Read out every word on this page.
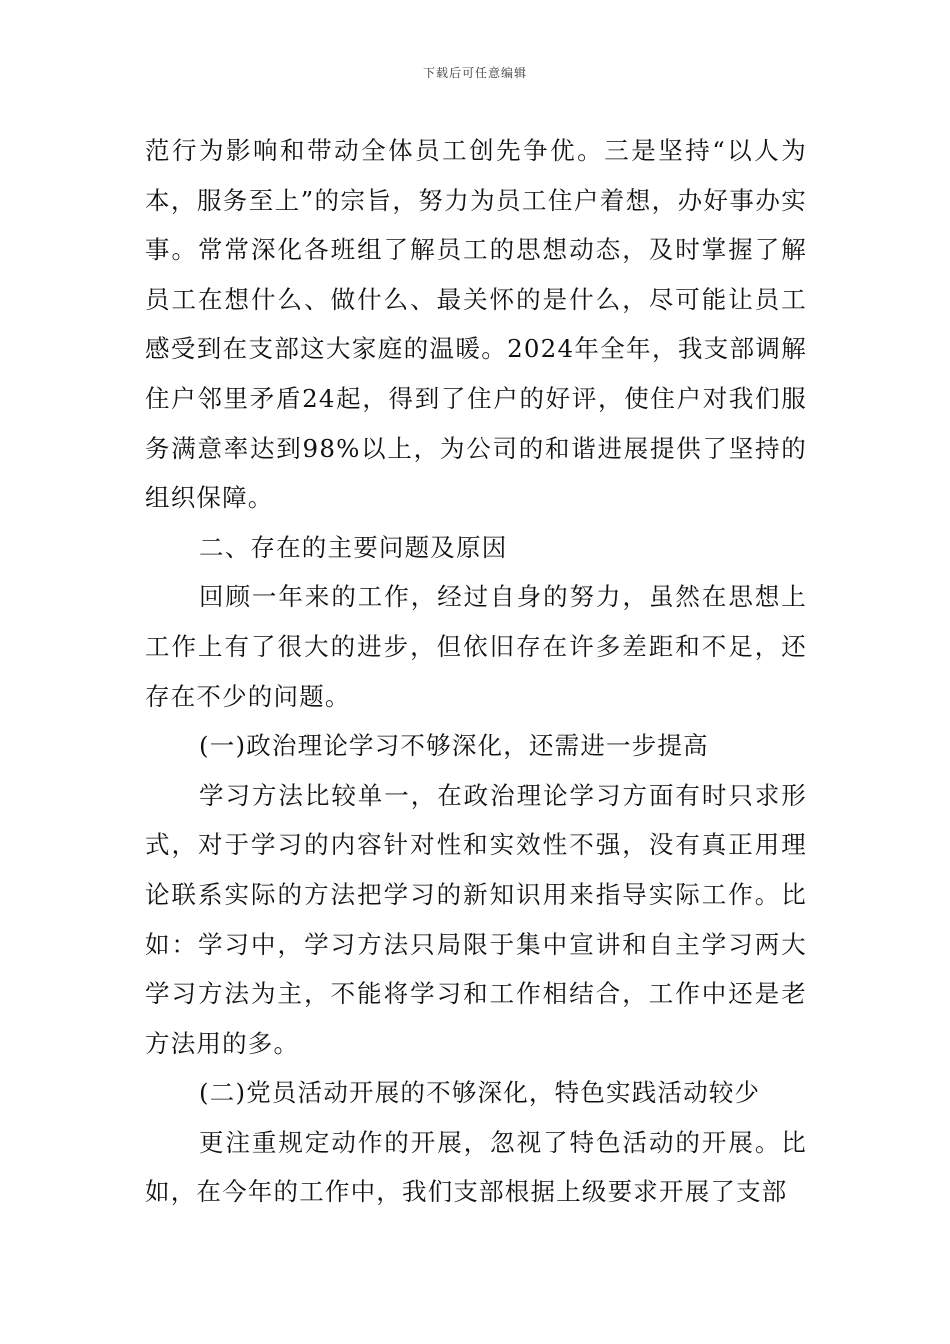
下载后可任意编辑

范行为影响和带动全体员工创先争优。三是坚持“以人为本，服务至上”的宗旨，努力为员工住户着想，办好事办实事。常常深化各班组了解员工的思想动态，及时掌握了解员工在想什么、做什么、最关怀的是什么，尽可能让员工感受到在支部这大家庭的温暖。2024年全年，我支部调解住户邻里矛盾24起，得到了住户的好评，使住户对我们服务满意率达到98%以上，为公司的和谐进展提供了坚持的组织保障。

二、存在的主要问题及原因

回顾一年来的工作，经过自身的努力，虽然在思想上工作上有了很大的进步，但依旧存在许多差距和不足，还存在不少的问题。

(一)政治理论学习不够深化，还需进一步提高

学习方法比较单一，在政治理论学习方面有时只求形式，对于学习的内容针对性和实效性不强，没有真正用理论联系实际的方法把学习的新知识用来指导实际工作。比如：学习中，学习方法只局限于集中宣讲和自主学习两大学习方法为主，不能将学习和工作相结合，工作中还是老方法用的多。

(二)党员活动开展的不够深化，特色实践活动较少

更注重规定动作的开展，忽视了特色活动的开展。比如，在今年的工作中，我们支部根据上级要求开展了支部
